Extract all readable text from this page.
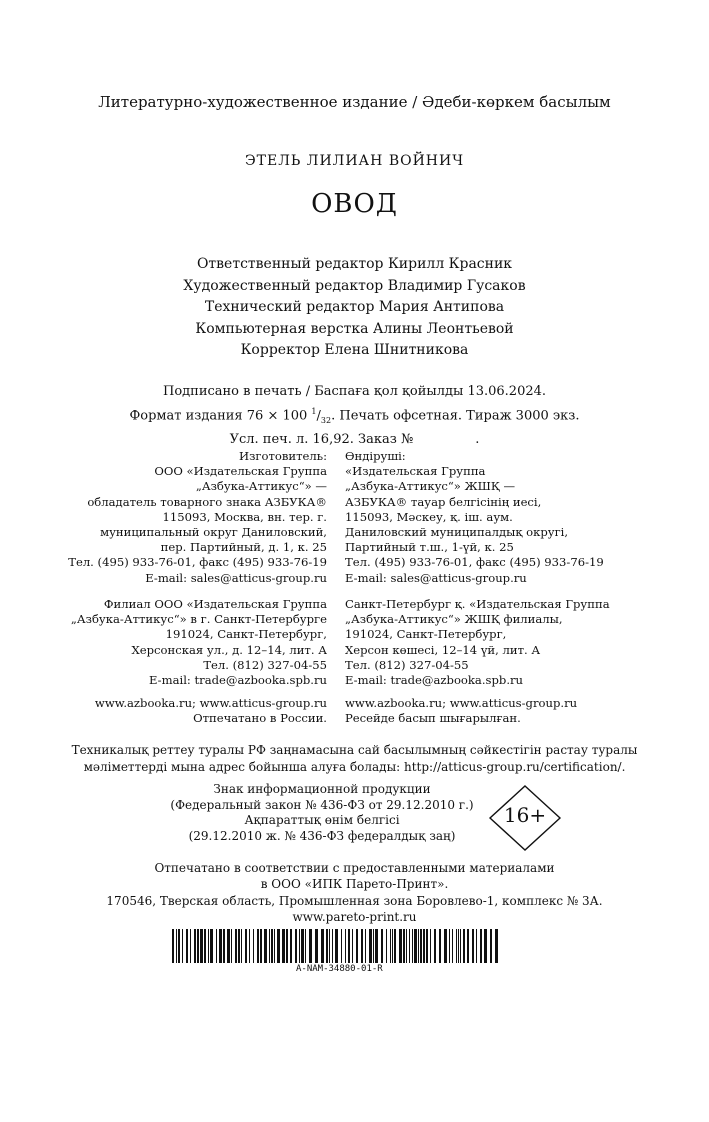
Литературно-художественное издание / Әдеби-көркем басылым
ЭТЕЛЬ ЛИЛИАН ВОЙНИЧ
ОВОД
Ответственный редактор Кирилл Красник
Художественный редактор Владимир Гусаков
Технический редактор Мария Антипова
Компьютерная верстка Алины Леонтьевой
Корректор Елена Шнитникова
Подписано в печать / Баспаға қол қойылды 13.06.2024.
Формат издания 76 × 100 $^1/_{32}$. Печать офсетная. Тираж 3000 экз.
Усл. печ. л. 16,92. Заказ №	.
Изготовитель:
ООО «Издательская Группа
„Азбука-Аттикус“» —
обладатель товарного знака АЗБУКА®
115093, Москва, вн. тер. г.
муниципальный округ Даниловский,
пер. Партийный, д. 1, к. 25
Тел. (495) 933-76-01, факс (495) 933-76-19
E-mail: sales@atticus-group.ru
Өндіруші:
«Издательская Группа
„Азбука-Аттикус“» ЖШҚ —
АЗБУКА® тауар белгісінің иесі,
115093, Мәскеу, қ. іш. аум.
Даниловский муниципалдық округі,
Партийный т.ш., 1-үй, к. 25
Тел. (495) 933-76-01, факс (495) 933-76-19
E-mail: sales@atticus-group.ru
Филиал ООО «Издательская Группа
„Азбука-Аттикус“» в г. Санкт-Петербурге
191024, Санкт-Петербург,
Херсонская ул., д. 12–14, лит. А
Тел. (812) 327-04-55
E-mail: trade@azbooka.spb.ru
Санкт-Петербург қ. «Издательская Группа
„Азбука-Аттикус“» ЖШҚ филиалы,
191024, Санкт-Петербург,
Херсон көшесі, 12–14 үй, лит. А
Тел. (812) 327-04-55
E-mail: trade@azbooka.spb.ru
www.azbooka.ru; www.atticus-group.ru
Отпечатано в России.
www.azbooka.ru; www.atticus-group.ru
Ресейде басып шығарылған.
Техникалық реттеу туралы РФ заңнамасына сай басылымның сәйкестігін растау туралы
мәліметтерді мына адрес бойынша алуға болады: http://atticus-group.ru/certification/.
Знак информационной продукции
(Федеральный закон № 436-ФЗ от 29.12.2010 г.)
Ақпараттық өнім белгісі
(29.12.2010 ж. № 436-ФЗ федералдық заң)
16+
Отпечатано в соответствии с предоставленными материалами
в ООО «ИПК Парето-Принт».
170546, Тверская область, Промышленная зона Боровлево-1, комплекс № 3А.
www.pareto-print.ru
A-NAM-34880-01-R
